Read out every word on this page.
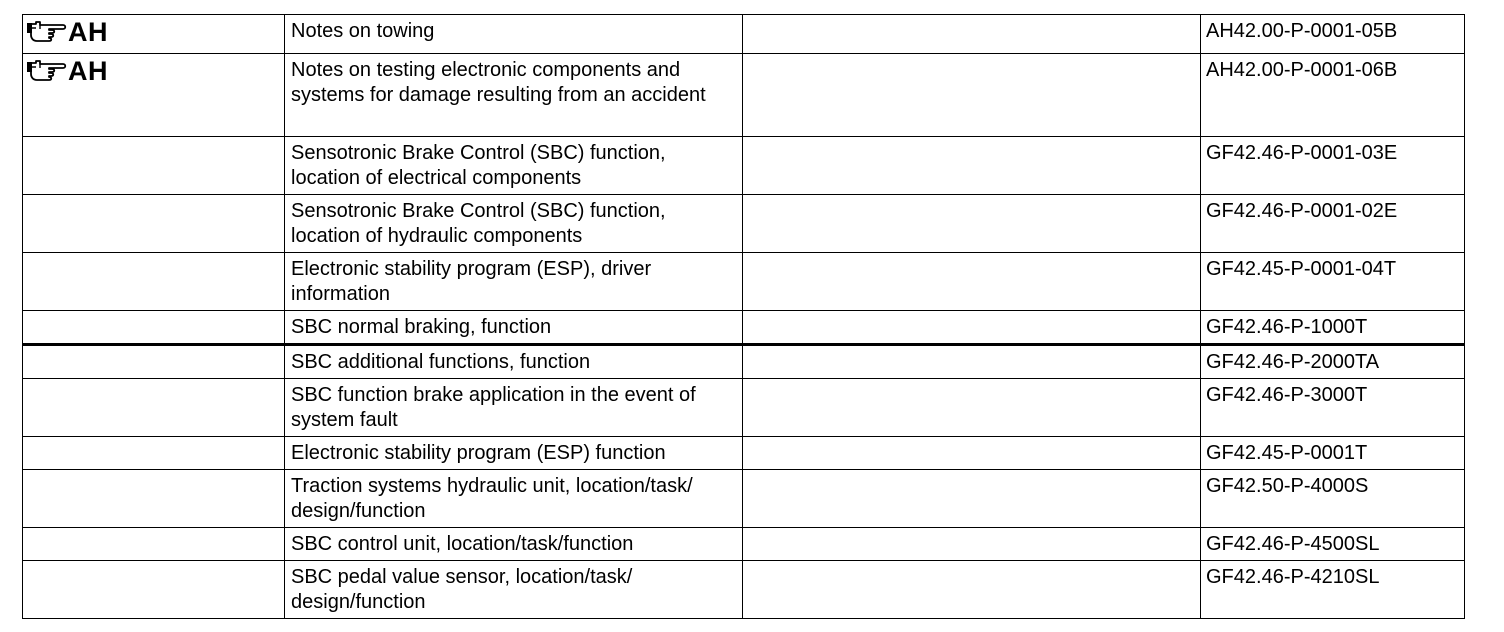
AH	Notes on towing		AH42.00-P-0001-05B

AH	Notes on testing electronic components and systems for damage resulting from an accident		AH42.00-P-0001-06B
	Sensotronic Brake Control (SBC) function, location of electrical components		GF42.46-P-0001-03E
	Sensotronic Brake Control (SBC) function, location of hydraulic components		GF42.46-P-0001-02E
	Electronic stability program (ESP), driver information		GF42.45-P-0001-04T
	SBC normal braking, function		GF42.46-P-1000T
	SBC additional functions, function		GF42.46-P-2000TA
	SBC function brake application in the event of system fault		GF42.46-P-3000T
	Electronic stability program (ESP) function		GF42.45-P-0001T
	Traction systems hydraulic unit, location/task/ design/function		GF42.50-P-4000S
	SBC control unit, location/task/function		GF42.46-P-4500SL
	SBC pedal value sensor, location/task/ design/function		GF42.46-P-4210SL
